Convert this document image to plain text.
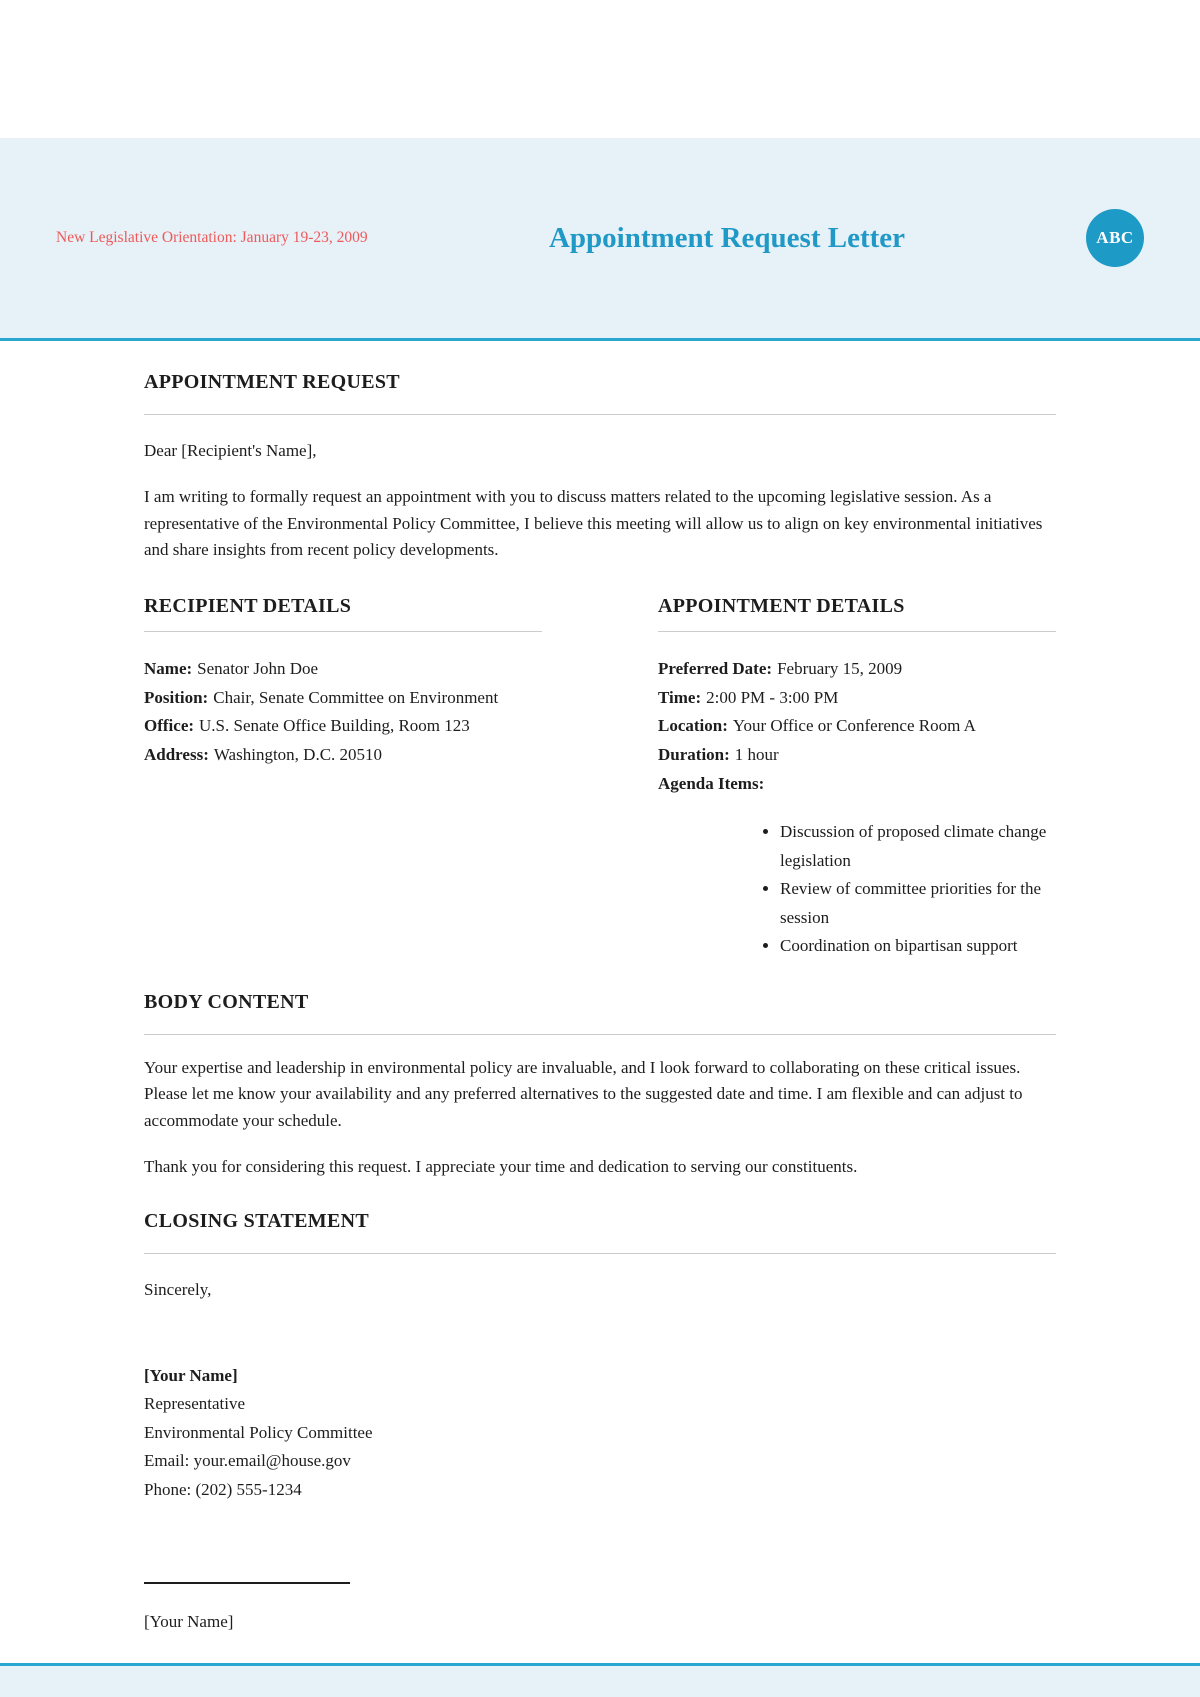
New Legislative Orientation: January 19-23, 2009	Appointment Request Letter	ABC
APPOINTMENT REQUEST

Dear [Recipient's Name],

I am writing to formally request an appointment with you to discuss matters related to the upcoming legislative session. As a representative of the Environmental Policy Committee, I believe this meeting will allow us to align on key environmental initiatives and share insights from recent policy developments.

RECIPIENT DETAILS

Name: Senator John Doe

Position: Chair, Senate Committee on Environment

Office: U.S. Senate Office Building, Room 123

Address: Washington, D.C. 20510

APPOINTMENT DETAILS

Preferred Date: February 15, 2009

Time: 2:00 PM - 3:00 PM

Location: Your Office or Conference Room A

Duration: 1 hour

Agenda Items:

• Discussion of proposed climate change legislation
• Review of committee priorities for the session
• Coordination on bipartisan support
BODY CONTENT

Your expertise and leadership in environmental policy are invaluable, and I look forward to collaborating on these critical issues. Please let me know your availability and any preferred alternatives to the suggested date and time. I am flexible and can adjust to accommodate your schedule.

Thank you for considering this request. I appreciate your time and dedication to serving our constituents.

CLOSING STATEMENT

Sincerely,

[Your Name]

Representative

Environmental Policy Committee

Email: your.email@house.gov

Phone: (202) 555-1234

[Your Name]
